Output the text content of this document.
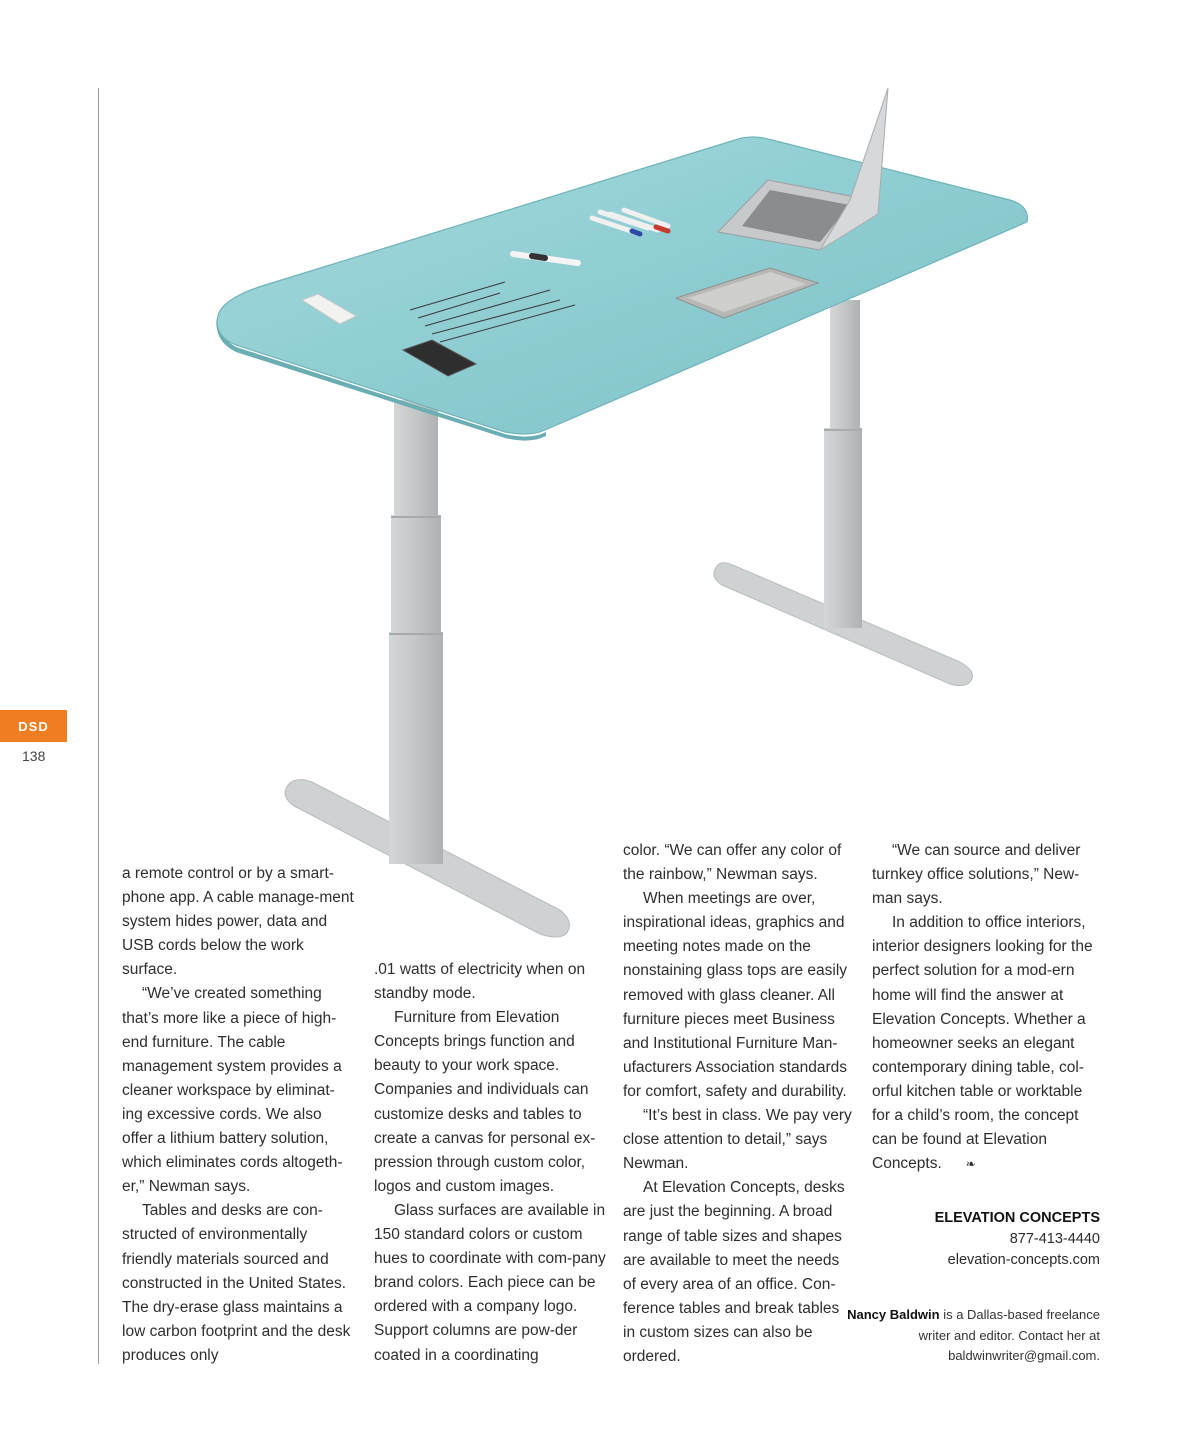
DSD
138

a remote control or by a smart-phone app. A cable manage-ment system hides power, data and USB cords below the work surface.

“We’ve created something that’s more like a piece of high-end furniture. The cable management system provides a cleaner workspace by eliminat-ing excessive cords. We also offer a lithium battery solution, which eliminates cords altogeth-er,” Newman says.

Tables and desks are con-structed of environmentally friendly materials sourced and constructed in the United States. The dry-erase glass maintains a low carbon footprint and the desk produces only

.01 watts of electricity when on standby mode.

Furniture from Elevation Concepts brings function and beauty to your work space. Companies and individuals can customize desks and tables to create a canvas for personal ex-pression through custom color, logos and custom images.

Glass surfaces are available in 150 standard colors or custom hues to coordinate with com-pany brand colors. Each piece can be ordered with a company logo. Support columns are pow-der coated in a coordinating

color. “We can offer any color of the rainbow,” Newman says.

When meetings are over, inspirational ideas, graphics and meeting notes made on the nonstaining glass tops are easily removed with glass cleaner. All furniture pieces meet Business and Institutional Furniture Man-ufacturers Association standards for comfort, safety and durability.

“It’s best in class. We pay very close attention to detail,” says Newman.

At Elevation Concepts, desks are just the beginning. A broad range of table sizes and shapes are available to meet the needs of every area of an office. Con-ference tables and break tables in custom sizes can also be ordered.

“We can source and deliver turnkey office solutions,” New-man says.

In addition to office interiors, interior designers looking for the perfect solution for a mod-ern home will find the answer at Elevation Concepts. Whether a homeowner seeks an elegant contemporary dining table, col-orful kitchen table or worktable for a child’s room, the concept can be found at Elevation Concepts. ❧

ELEVATION CONCEPTS
877-413-4440
elevation-concepts.com
Nancy Baldwin is a Dallas-based freelance writer and editor. Contact her at baldwinwriter@gmail.com.
